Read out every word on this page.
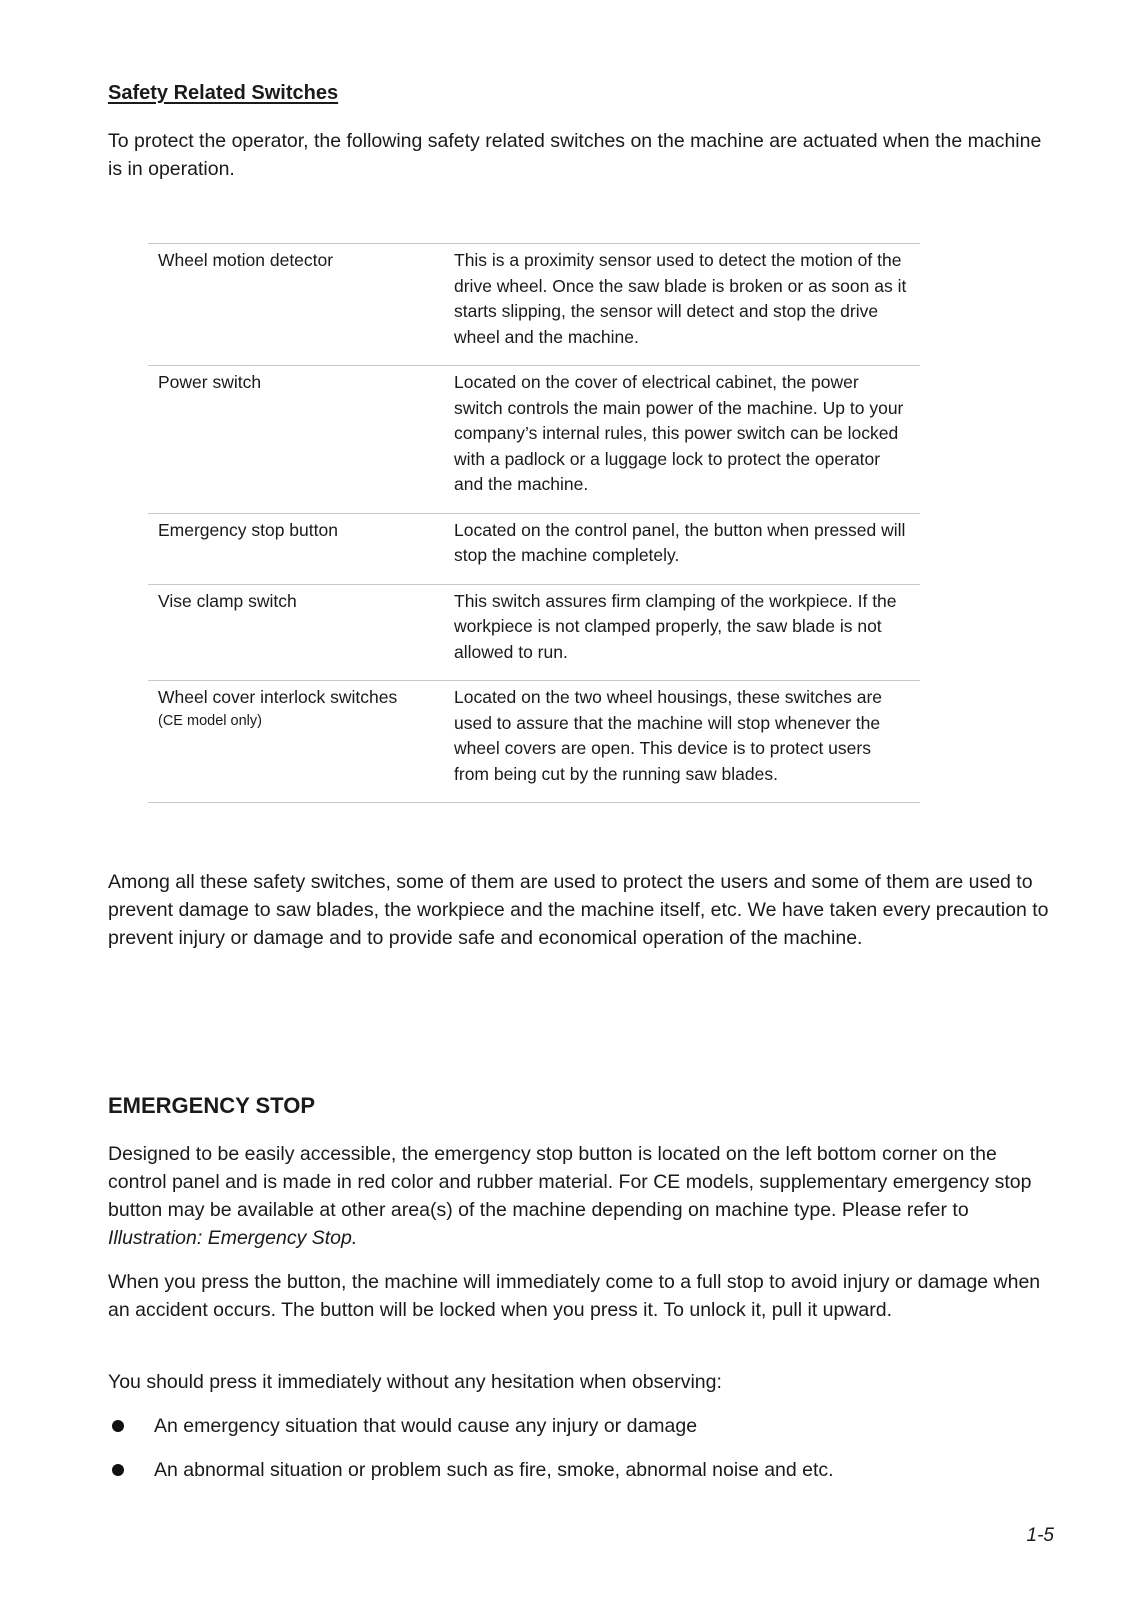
Safety Related Switches

To protect the operator, the following safety related switches on the machine are actuated when the machine is in operation.

Wheel motion detector	This is a proximity sensor used to detect the motion of the drive wheel. Once the saw blade is broken or as soon as it starts slipping, the sensor will detect and stop the drive wheel and the machine.
Power switch	Located on the cover of electrical cabinet, the power switch controls the main power of the machine. Up to your company’s internal rules, this power switch can be locked with a padlock or a luggage lock to protect the operator and the machine.
Emergency stop button	Located on the control panel, the button when pressed will stop the machine completely.
Vise clamp switch	This switch assures firm clamping of the workpiece. If the workpiece is not clamped properly, the saw blade is not allowed to run.
Wheel cover interlock switches
(CE model only)	Located on the two wheel housings, these switches are used to assure that the machine will stop whenever the wheel covers are open. This device is to protect users from being cut by the running saw blades.

Among all these safety switches, some of them are used to protect the users and some of them are used to prevent damage to saw blades, the workpiece and the machine itself, etc. We have taken every precaution to prevent injury or damage and to provide safe and economical operation of the machine.

EMERGENCY STOP

Designed to be easily accessible, the emergency stop button is located on the left bottom corner on the control panel and is made in red color and rubber material. For CE models, supplementary emergency stop button may be available at other area(s) of the machine depending on machine type. Please refer to Illustration: Emergency Stop.

When you press the button, the machine will immediately come to a full stop to avoid injury or damage when an accident occurs. The button will be locked when you press it. To unlock it, pull it upward.

You should press it immediately without any hesitation when observing:

An emergency situation that would cause any injury or damage
An abnormal situation or problem such as fire, smoke, abnormal noise and etc.
1-5
